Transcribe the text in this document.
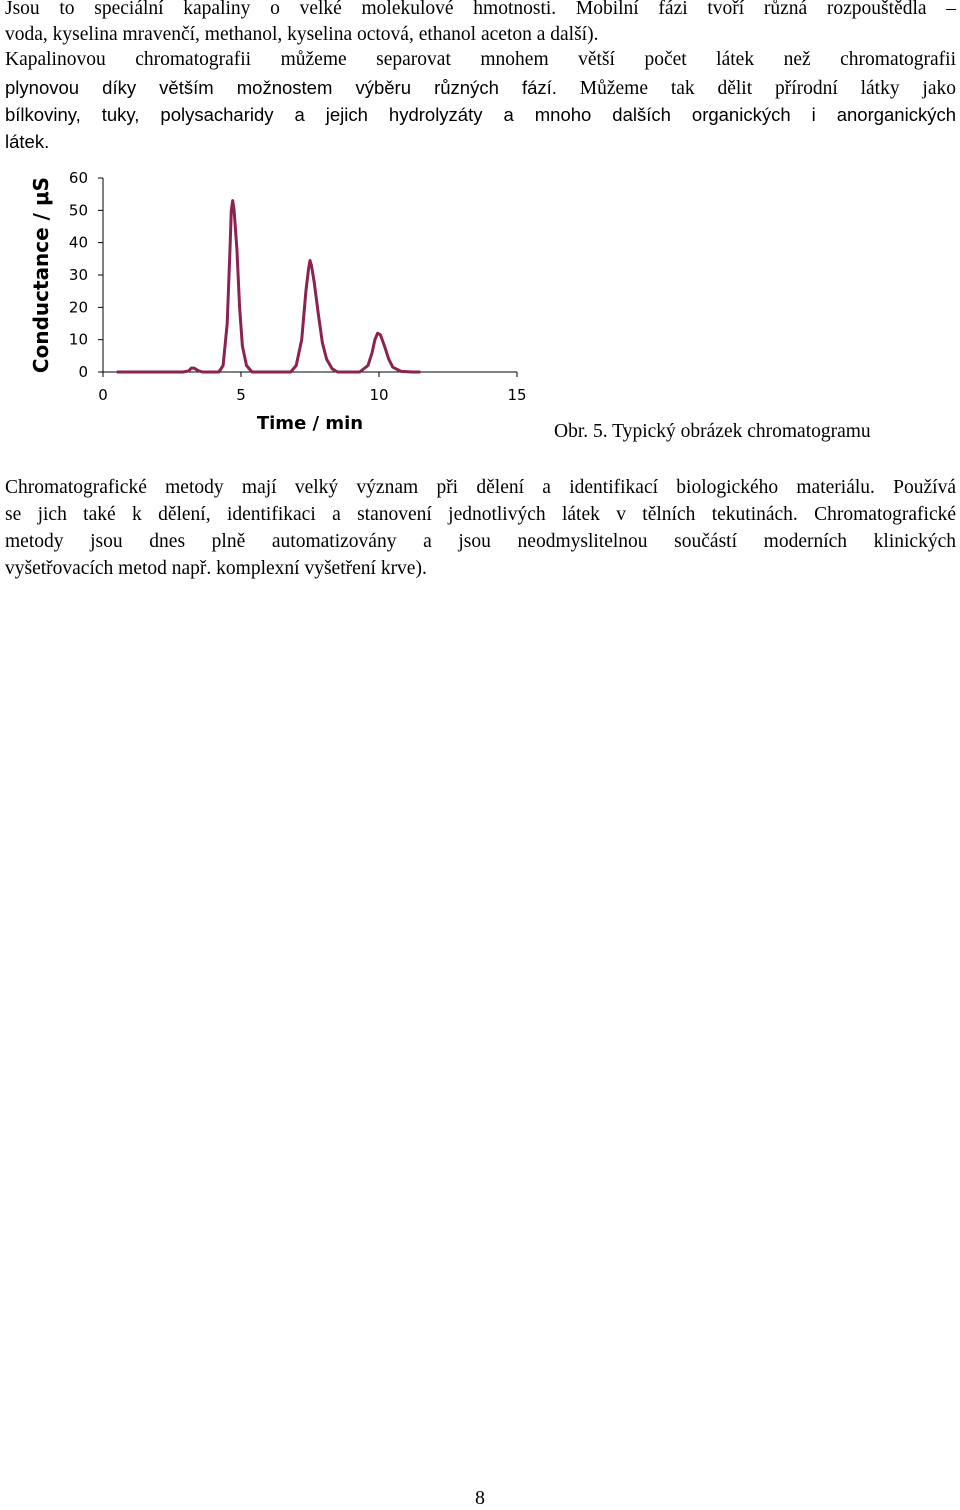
Jsou to speciální kapaliny o velké molekulové hmotnosti. Mobilní fázi tvoří různá rozpouštědla –
voda, kyselina mravenčí, methanol, kyselina octová, ethanol aceton a další).
Kapalinovou chromatografii můžeme separovat mnohem větší počet látek než chromatografii
plynovou díky větším možnostem výběru různých fází. Můžeme tak dělit přírodní látky jako
bílkoviny, tuky, polysacharidy a jejich hydrolyzáty a mnoho dalších organických i anorganických
látek.
0
10
20
30
40
50
60
0	5	10	15
Time / min
Conductance / μS
Obr. 5. Typický obrázek chromatogramu
Chromatografické metody mají velký význam při dělení a identifikací biologického materiálu. Používá
se jich také k dělení, identifikaci a stanovení jednotlivých látek v tělních tekutinách. Chromatografické
metody jsou dnes plně automatizovány a jsou neodmyslitelnou součástí moderních klinických
vyšetřovacích metod např. komplexní vyšetření krve).
8
